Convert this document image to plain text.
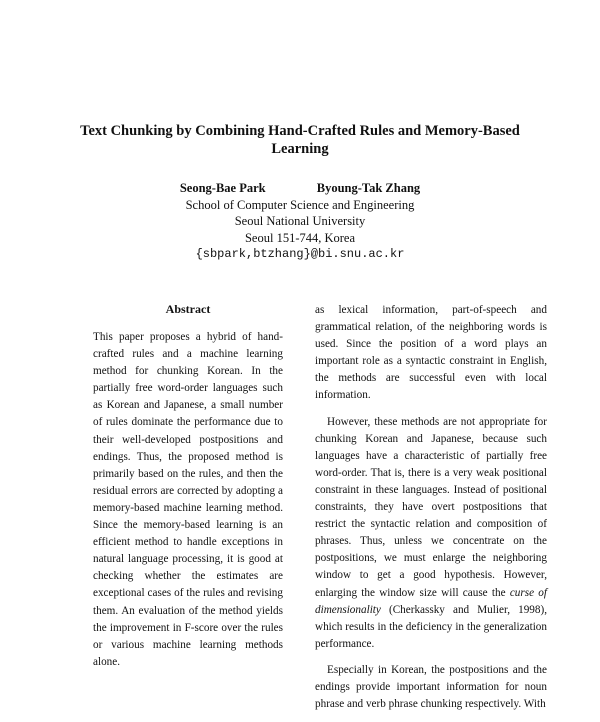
Text Chunking by Combining Hand-Crafted Rules and Memory-Based Learning
Seong-Bae Park	Byoung-Tak Zhang
School of Computer Science and Engineering
Seoul National University
Seoul 151-744, Korea
{sbpark,btzhang}@bi.snu.ac.kr
Abstract

This paper proposes a hybrid of hand-crafted rules and a machine learning method for chunking Korean. In the partially free word-order languages such as Korean and Japanese, a small number of rules dominate the performance due to their well-developed postpositions and endings. Thus, the proposed method is primarily based on the rules, and then the residual errors are corrected by adopting a memory-based machine learning method. Since the memory-based learning is an efficient method to handle exceptions in natural language processing, it is good at checking whether the estimates are exceptional cases of the rules and revising them. An evaluation of the method yields the improvement in F-score over the rules or various machine learning methods alone.

as lexical information, part-of-speech and grammatical relation, of the neighboring words is used. Since the position of a word plays an important role as a syntactic constraint in English, the methods are successful even with local information.

However, these methods are not appropriate for chunking Korean and Japanese, because such languages have a characteristic of partially free word-order. That is, there is a very weak positional constraint in these languages. Instead of positional constraints, they have overt postpositions that restrict the syntactic relation and composition of phrases. Thus, unless we concentrate on the postpositions, we must enlarge the neighboring window to get a good hypothesis. However, enlarging the window size will cause the curse of dimensionality (Cherkassky and Mulier, 1998), which results in the deficiency in the generalization performance.

Especially in Korean, the postpositions and the endings provide important information for noun phrase and verb phrase chunking respectively. With
